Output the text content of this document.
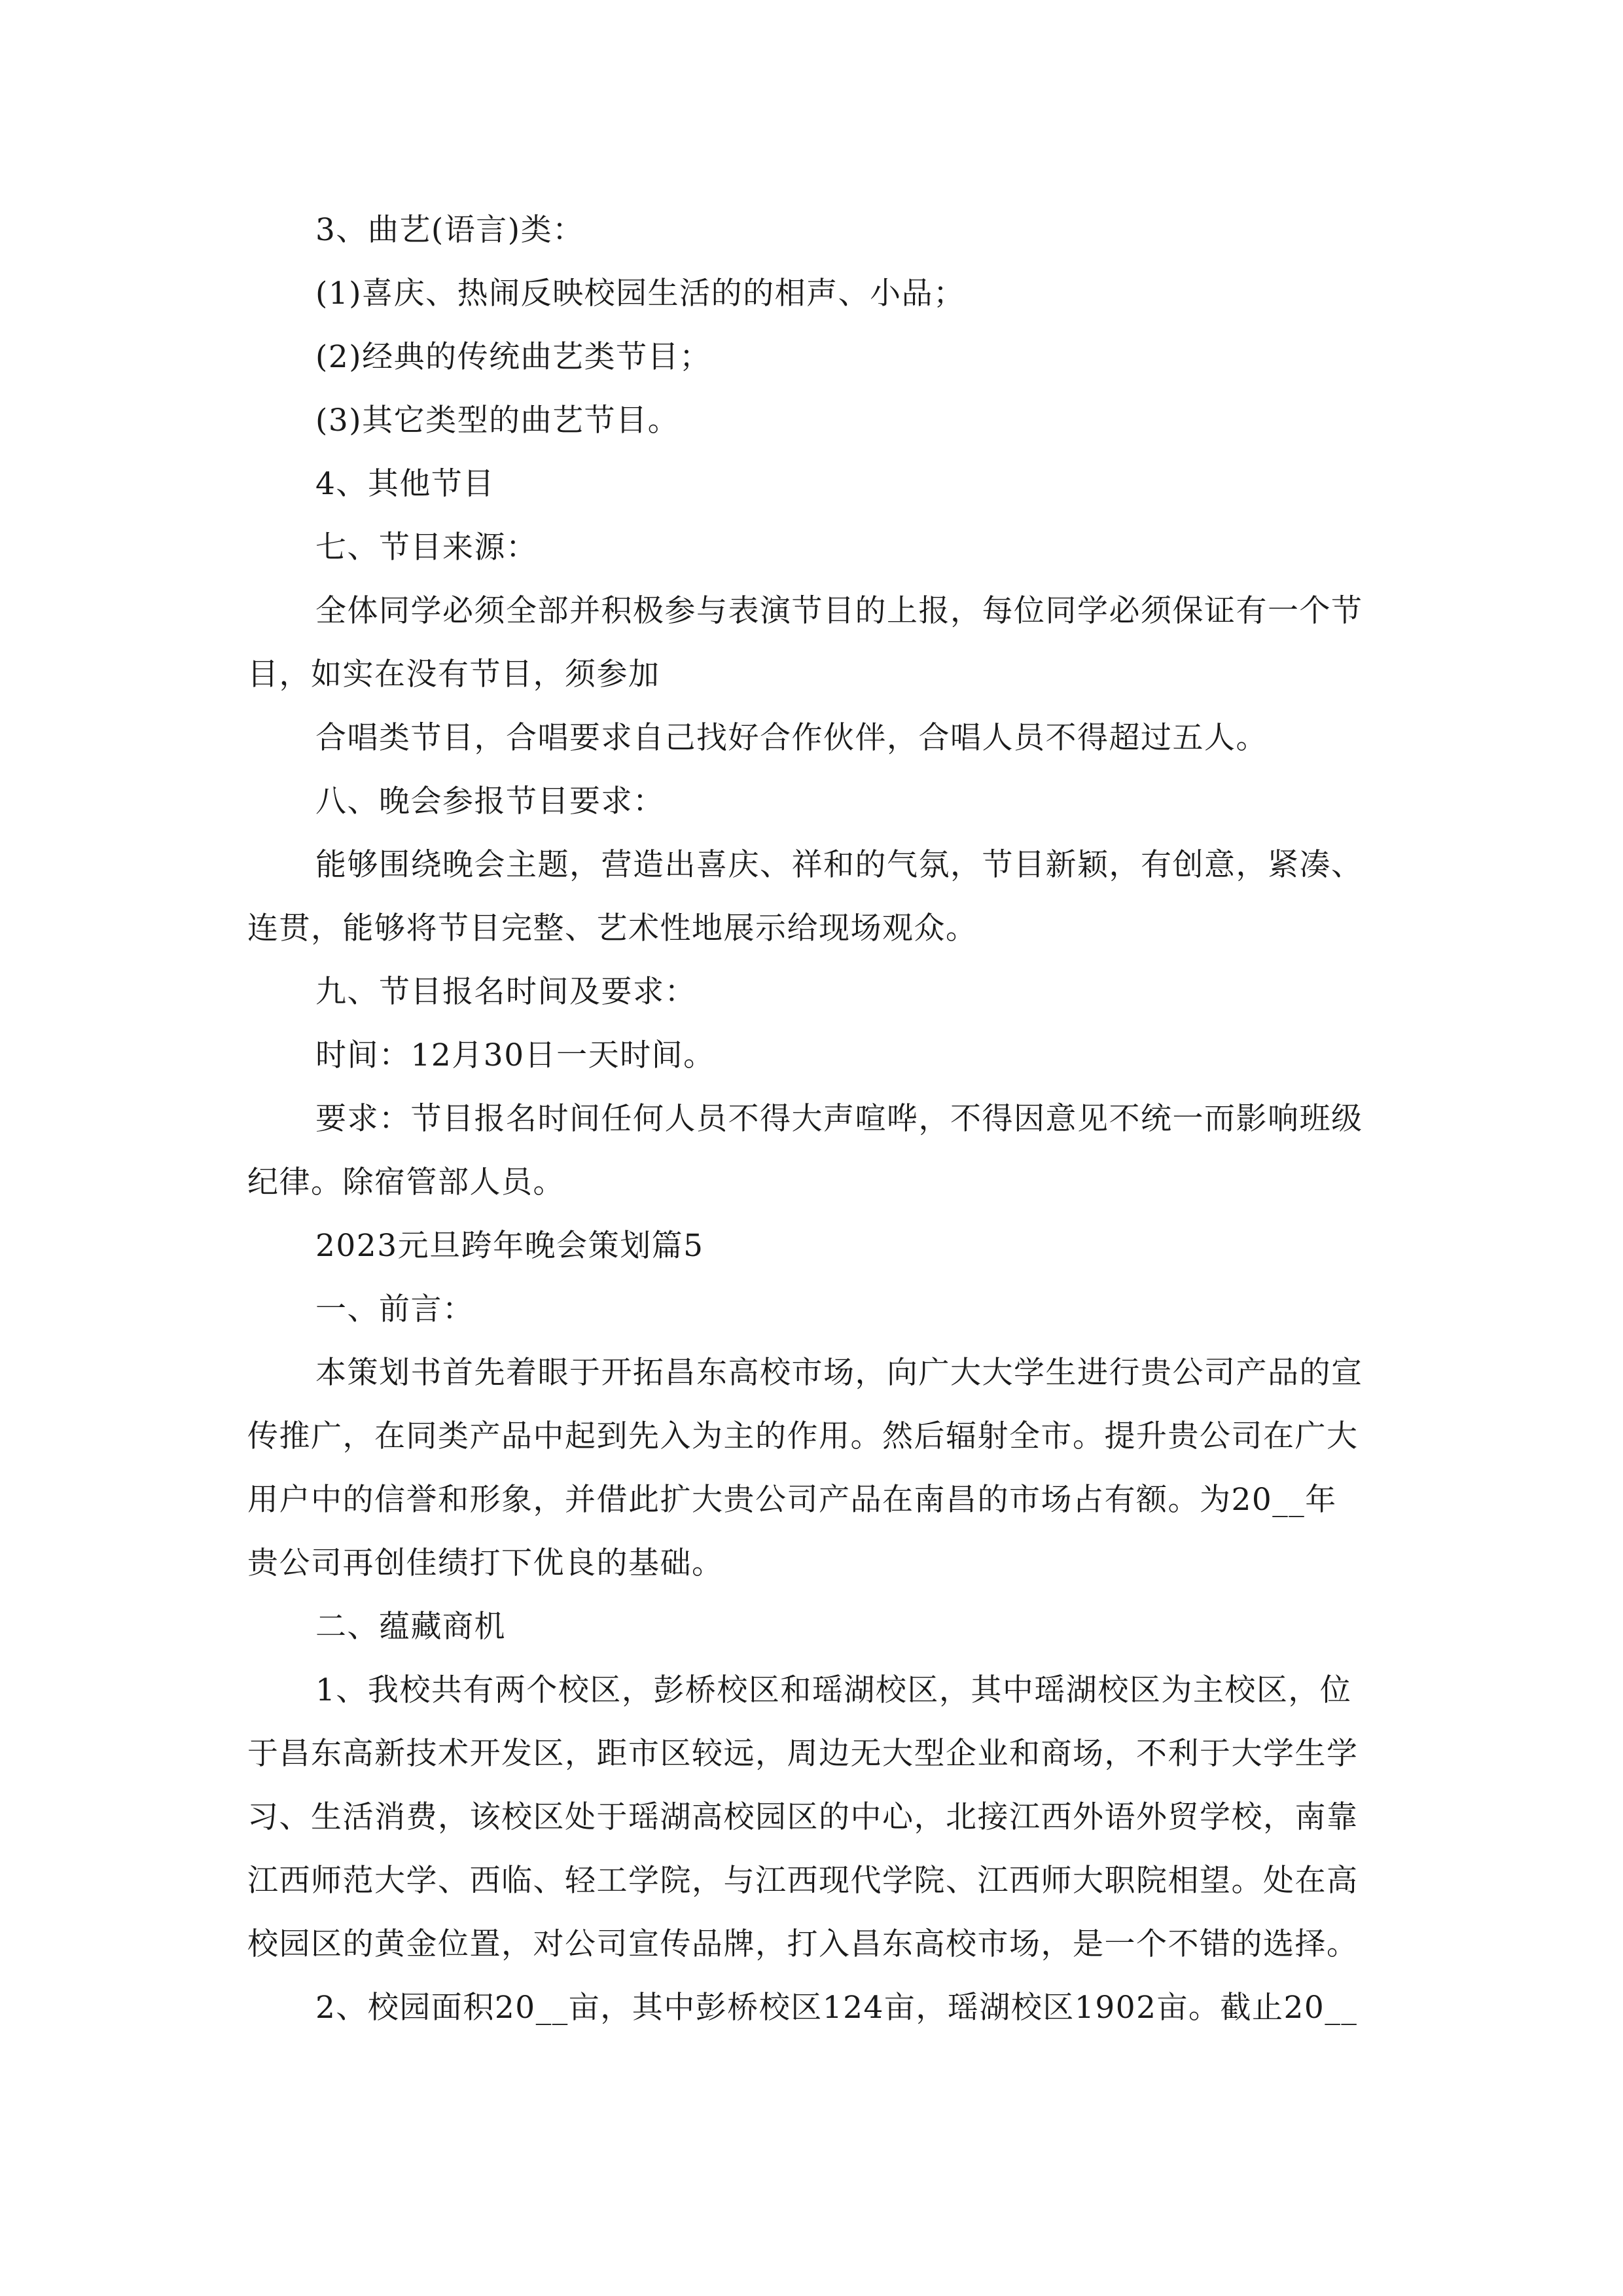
3、曲艺(语言)类：
(1)喜庆、热闹反映校园生活的的相声、小品；
(2)经典的传统曲艺类节目；
(3)其它类型的曲艺节目。
4、其他节目
七、节目来源：
全体同学必须全部并积极参与表演节目的上报，每位同学必须保证有一个节
目，如实在没有节目，须参加
合唱类节目，合唱要求自己找好合作伙伴，合唱人员不得超过五人。
八、晚会参报节目要求：
能够围绕晚会主题，营造出喜庆、祥和的气氛，节目新颖，有创意，紧凑、
连贯，能够将节目完整、艺术性地展示给现场观众。
九、节目报名时间及要求：
时间：12月30日一天时间。
要求：节目报名时间任何人员不得大声喧哗，不得因意见不统一而影响班级
纪律。除宿管部人员。
2023元旦跨年晚会策划篇5
一、前言：
本策划书首先着眼于开拓昌东高校市场，向广大大学生进行贵公司产品的宣
传推广，在同类产品中起到先入为主的作用。然后辐射全市。提升贵公司在广大
用户中的信誉和形象，并借此扩大贵公司产品在南昌的市场占有额。为20__年
贵公司再创佳绩打下优良的基础。
二、蕴藏商机
1、我校共有两个校区，彭桥校区和瑶湖校区，其中瑶湖校区为主校区，位
于昌东高新技术开发区，距市区较远，周边无大型企业和商场，不利于大学生学
习、生活消费，该校区处于瑶湖高校园区的中心，北接江西外语外贸学校，南靠
江西师范大学、西临、轻工学院，与江西现代学院、江西师大职院相望。处在高
校园区的黄金位置，对公司宣传品牌，打入昌东高校市场，是一个不错的选择。
2、校园面积20__亩，其中彭桥校区124亩，瑶湖校区1902亩。截止20__
